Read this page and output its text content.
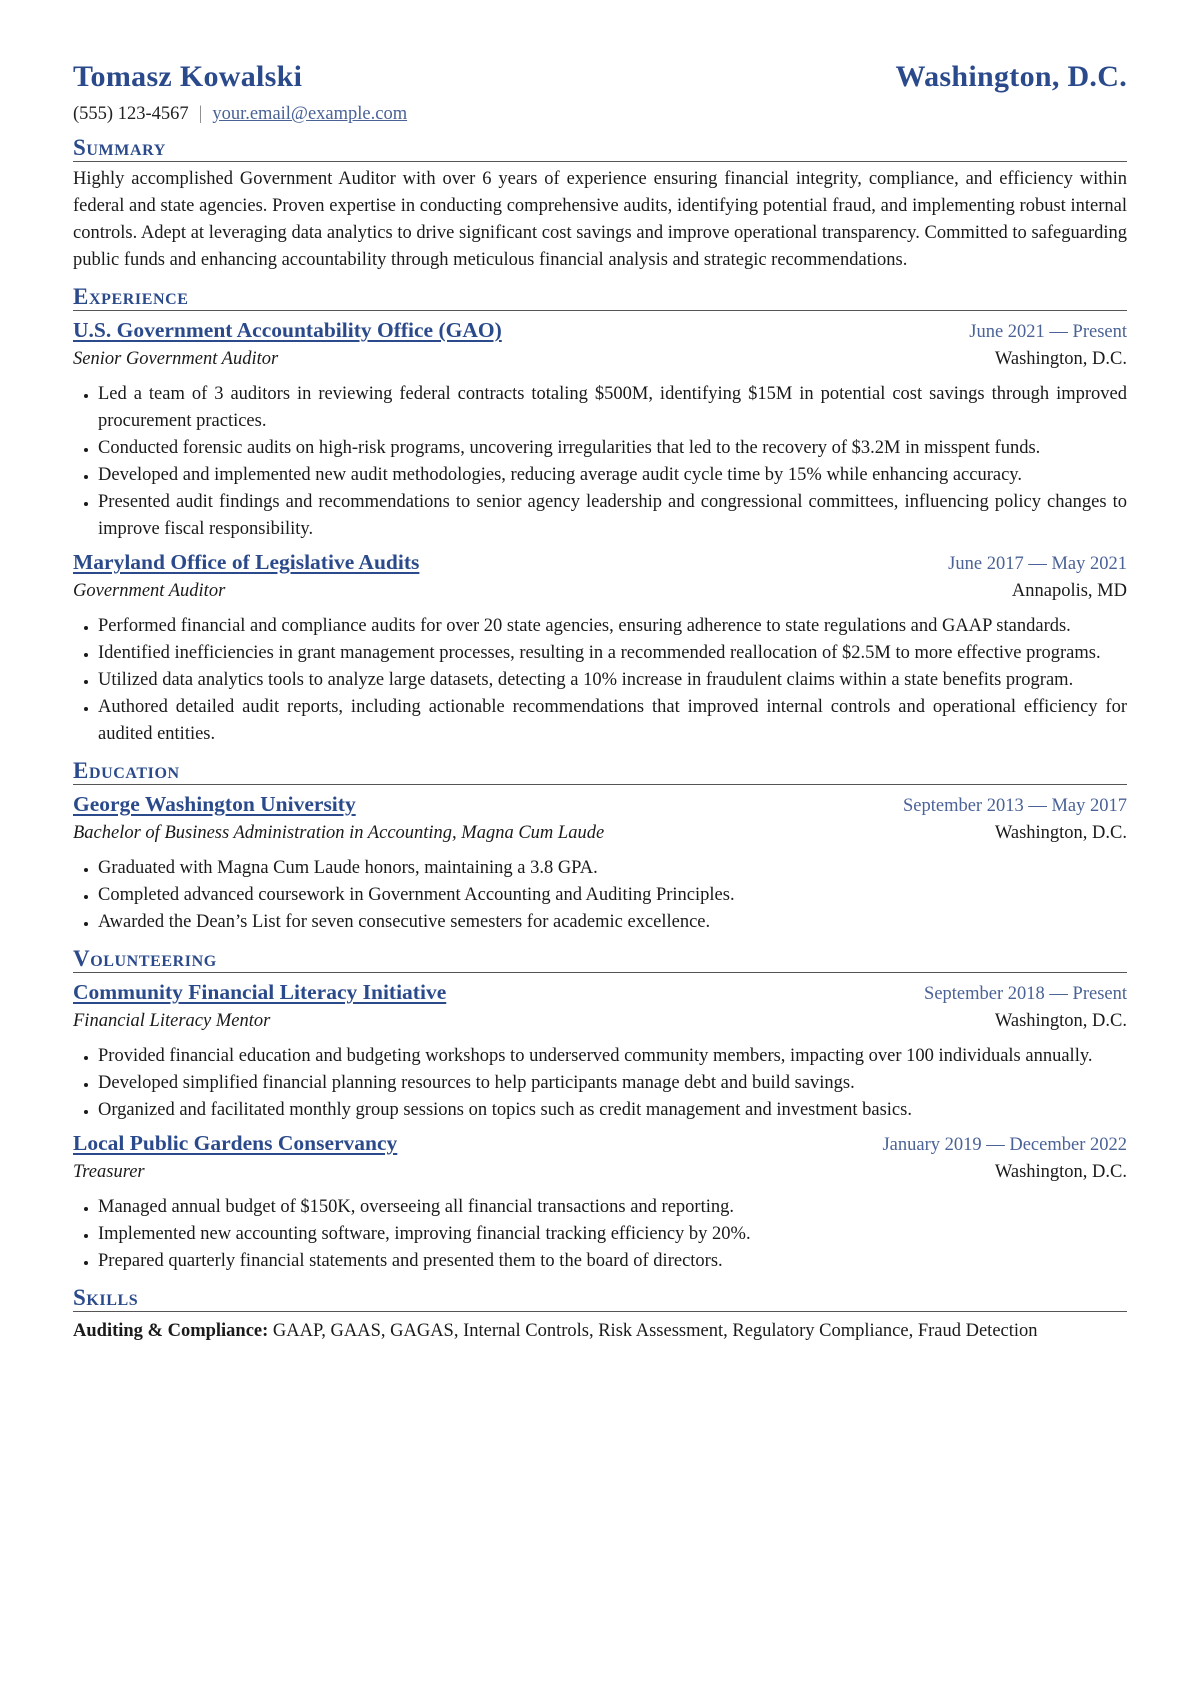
Tomasz Kowalski	Washington, D.C.
(555) 123-4567 | your.email@example.com
Summary

Highly accomplished Government Auditor with over 6 years of experience ensuring financial integrity, compliance, and efficiency within federal and state agencies. Proven expertise in conducting comprehensive audits, identifying potential fraud, and implementing robust internal controls. Adept at leveraging data analytics to drive significant cost savings and improve operational transparency. Committed to safeguarding public funds and enhancing accountability through meticulous financial analysis and strategic recommendations.

Experience
U.S. Government Accountability Office (GAO)	June 2021 — Present
Senior Government Auditor	Washington, D.C.
• Led a team of 3 auditors in reviewing federal contracts totaling $500M, identifying $15M in potential cost savings through improved procurement practices.
• Conducted forensic audits on high-risk programs, uncovering irregularities that led to the recovery of $3.2M in misspent funds.
• Developed and implemented new audit methodologies, reducing average audit cycle time by 15% while enhancing accuracy.
• Presented audit findings and recommendations to senior agency leadership and congressional committees, influencing policy changes to improve fiscal responsibility.
Maryland Office of Legislative Audits	June 2017 — May 2021
Government Auditor	Annapolis, MD
• Performed financial and compliance audits for over 20 state agencies, ensuring adherence to state regulations and GAAP standards.
• Identified inefficiencies in grant management processes, resulting in a recommended reallocation of $2.5M to more effective programs.
• Utilized data analytics tools to analyze large datasets, detecting a 10% increase in fraudulent claims within a state benefits program.
• Authored detailed audit reports, including actionable recommendations that improved internal controls and operational efficiency for audited entities.
Education
George Washington University	September 2013 — May 2017
Bachelor of Business Administration in Accounting, Magna Cum Laude	Washington, D.C.
• Graduated with Magna Cum Laude honors, maintaining a 3.8 GPA.
• Completed advanced coursework in Government Accounting and Auditing Principles.
• Awarded the Dean’s List for seven consecutive semesters for academic excellence.
Volunteering
Community Financial Literacy Initiative	September 2018 — Present
Financial Literacy Mentor	Washington, D.C.
• Provided financial education and budgeting workshops to underserved community members, impacting over 100 individuals annually.
• Developed simplified financial planning resources to help participants manage debt and build savings.
• Organized and facilitated monthly group sessions on topics such as credit management and investment basics.
Local Public Gardens Conservancy	January 2019 — December 2022
Treasurer	Washington, D.C.
• Managed annual budget of $150K, overseeing all financial transactions and reporting.
• Implemented new accounting software, improving financial tracking efficiency by 20%.
• Prepared quarterly financial statements and presented them to the board of directors.
Skills
Auditing & Compliance: GAAP, GAAS, GAGAS, Internal Controls, Risk Assessment, Regulatory Compliance, Fraud Detection
